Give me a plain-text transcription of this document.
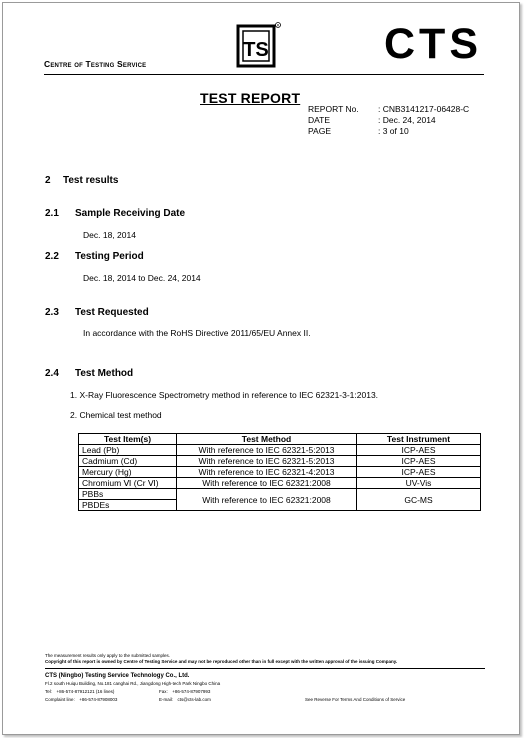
Centre of Testing Service
TS
R CTS
TEST REPORT
REPORT No.	: CNB3141217-06428-C
DATE	: Dec. 24, 2014
PAGE	: 3 of 10
2 Test results
2.1 Sample Receiving Date
Dec. 18, 2014
2.2 Testing Period
Dec. 18, 2014 to Dec. 24, 2014
2.3 Test Requested
In accordance with the RoHS Directive 2011/65/EU Annex II.
2.4 Test Method
1. X-Ray Fluorescence Spectrometry method in reference to IEC 62321-3-1:2013.
2. Chemical test method
Test Item(s)	Test Method	Test Instrument
Lead (Pb)	With reference to IEC 62321-5:2013	ICP-AES
Cadmium (Cd)	With reference to IEC 62321-5:2013	ICP-AES
Mercury (Hg)	With reference to IEC 62321-4:2013	ICP-AES
Chromium Ⅵ (Cr Ⅵ)	With reference to IEC 62321:2008	UV-Vis
PBBs	With reference to IEC 62321:2008	GC-MS
PBDEs		
The measurement results only apply to the submitted samples.
Copyright of this report is owned by Centre of Testing Service and may not be reproduced other than in full except with the written approval of the issuing Company.
CTS (Ningbo) Testing Service Technology Co., Ltd.
Fl.2 south Huiqu Building, No.181 canghai Rd., Jiangdong High-tech Park Ningbo China
Tel： +86-574-87912121 (16 lines)	Fax： +86-574-87907993
Complaint line： +86-574-87908003	E-mail： cts@cts-lab.com	See Reverse For Terms And Conditions of Service
